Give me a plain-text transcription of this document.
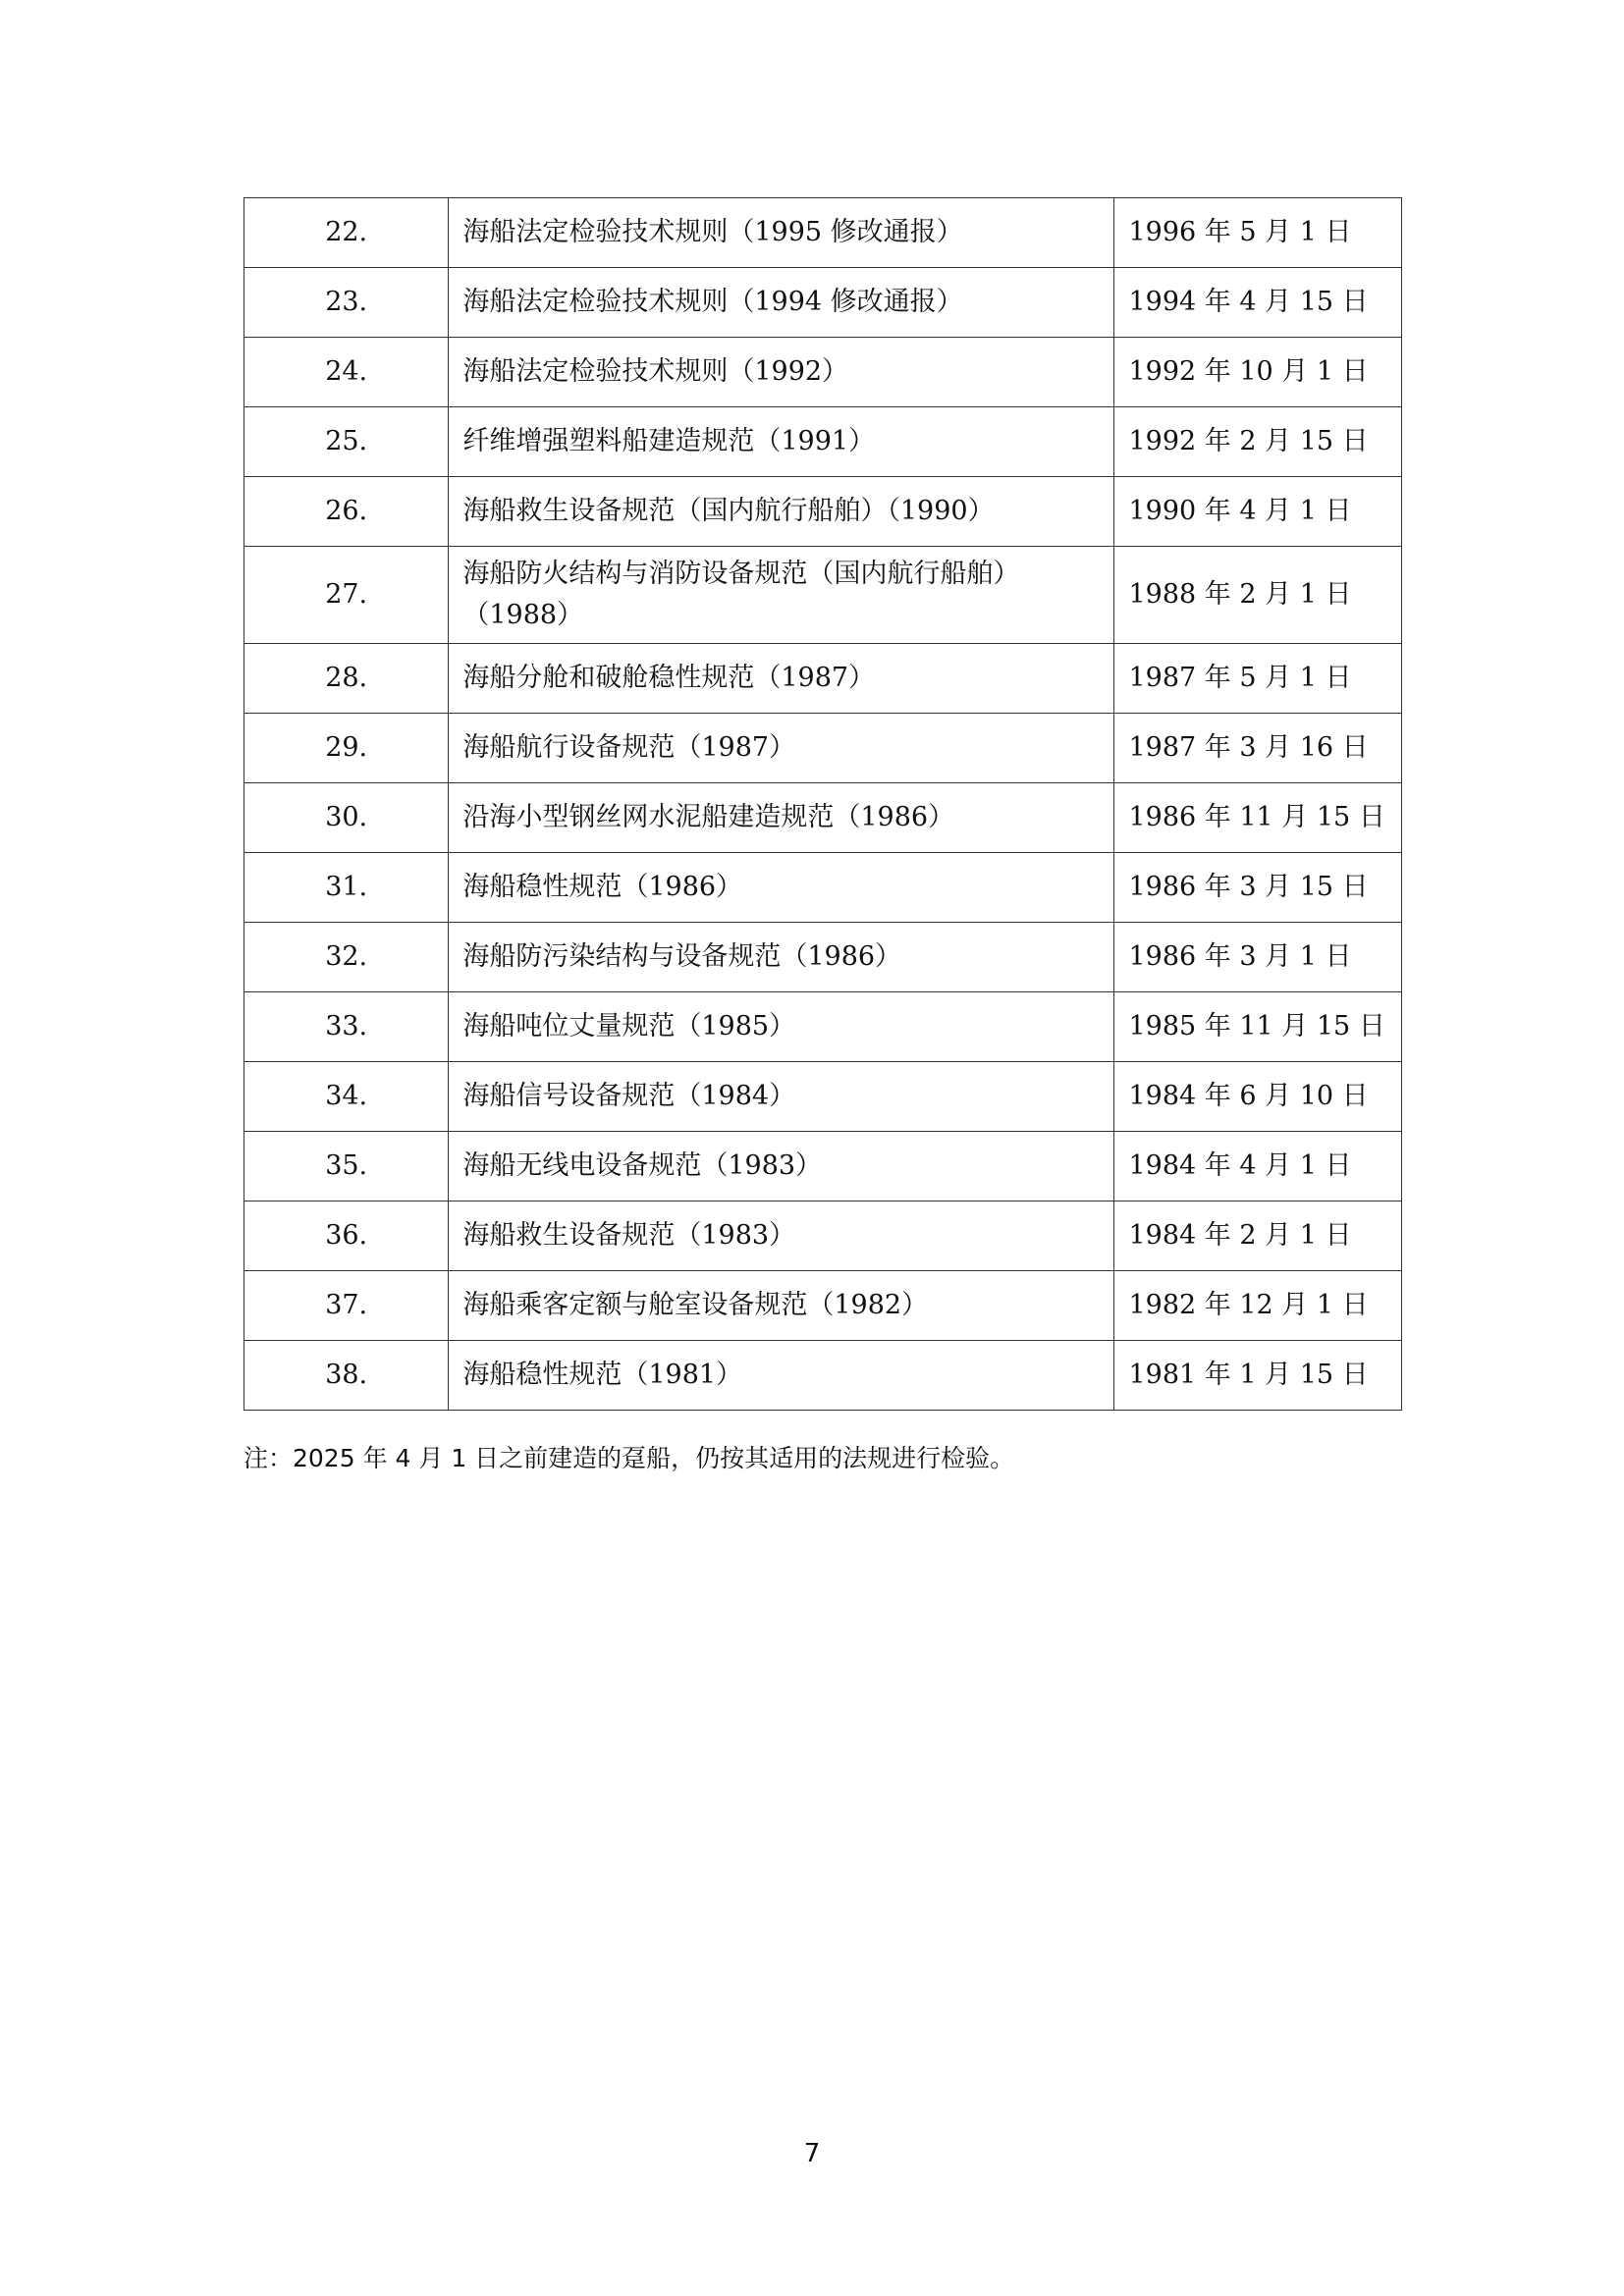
22.	海船法定检验技术规则（1995 修改通报）	1996 年 5 月 1 日
23.	海船法定检验技术规则（1994 修改通报）	1994 年 4 月 15 日
24.	海船法定检验技术规则（1992）	1992 年 10 月 1 日
25.	纤维增强塑料船建造规范（1991）	1992 年 2 月 15 日
26.	海船救生设备规范（国内航行船舶）（1990）	1990 年 4 月 1 日
27.	海船防火结构与消防设备规范（国内航行船舶）（1988）	1988 年 2 月 1 日
28.	海船分舱和破舱稳性规范（1987）	1987 年 5 月 1 日
29.	海船航行设备规范（1987）	1987 年 3 月 16 日
30.	沿海小型钢丝网水泥船建造规范（1986）	1986 年 11 月 15 日
31.	海船稳性规范（1986）	1986 年 3 月 15 日
32.	海船防污染结构与设备规范（1986）	1986 年 3 月 1 日
33.	海船吨位丈量规范（1985）	1985 年 11 月 15 日
34.	海船信号设备规范（1984）	1984 年 6 月 10 日
35.	海船无线电设备规范（1983）	1984 年 4 月 1 日
36.	海船救生设备规范（1983）	1984 年 2 月 1 日
37.	海船乘客定额与舱室设备规范（1982）	1982 年 12 月 1 日
38.	海船稳性规范（1981）	1981 年 1 月 15 日
注：2025 年 4 月 1 日之前建造的趸船，仍按其适用的法规进行检验。
7
